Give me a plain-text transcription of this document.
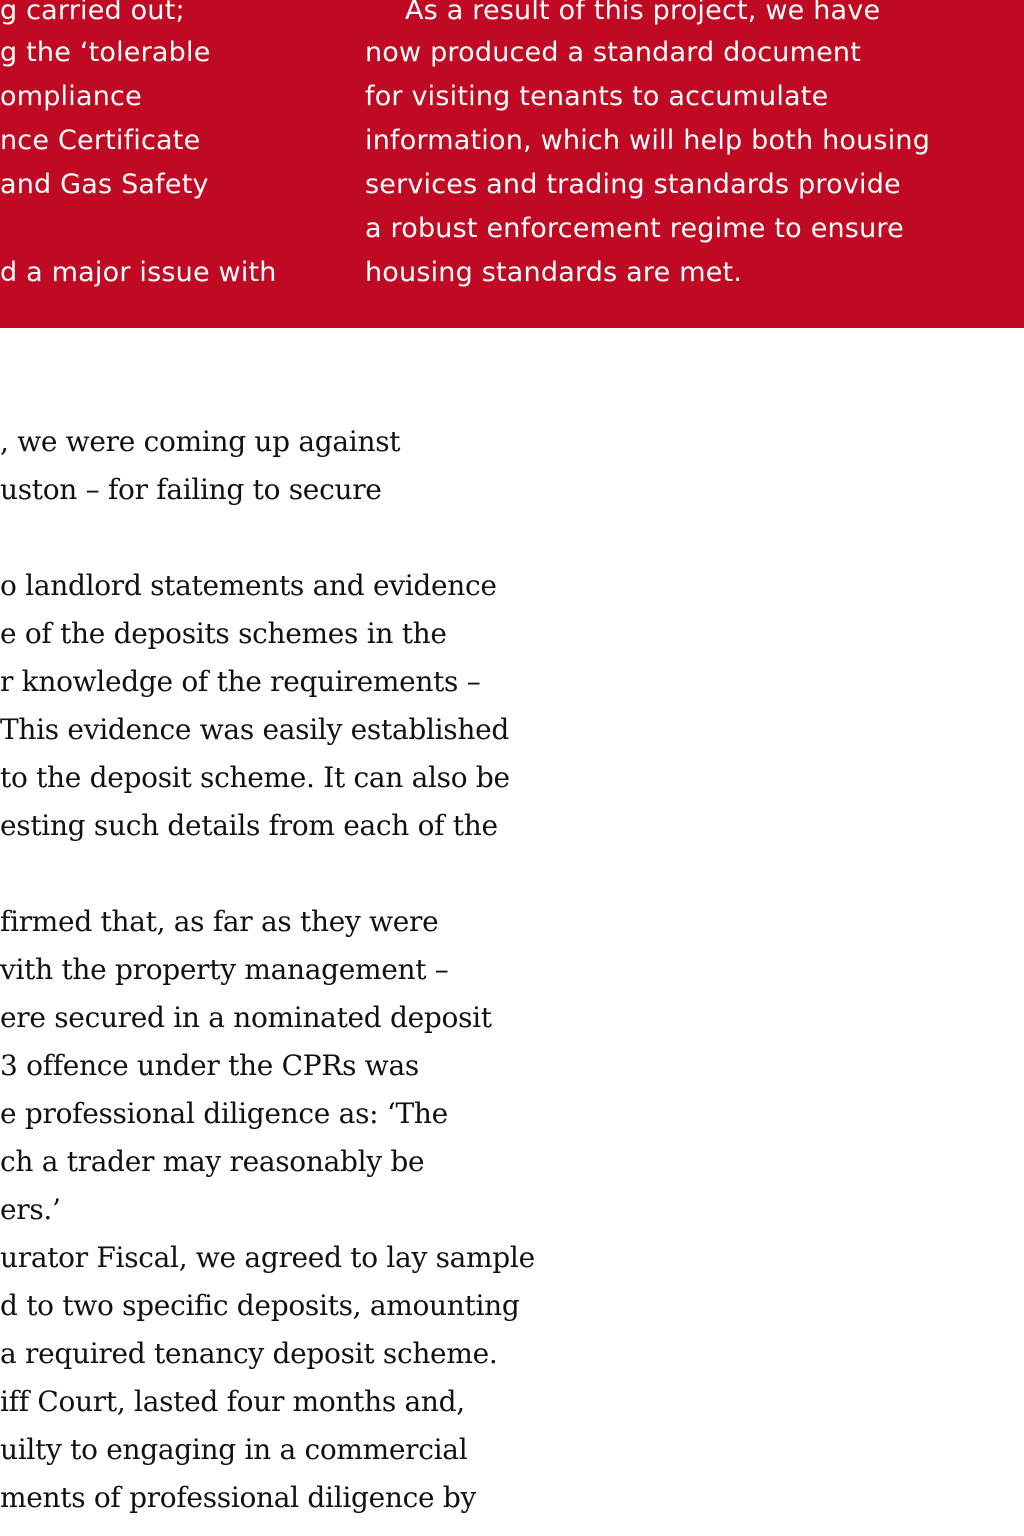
g carried out;
g the ‘tolerable
ompliance
nce Certificate
and Gas Safety
d a major issue with
As a result of this project, we have
now produced a standard document
for visiting tenants to accumulate
information, which will help both housing
services and trading standards provide
a robust enforcement regime to ensure
housing standards are met.
, we were coming up against
uston – for failing to secure
o landlord statements and evidence
e of the deposits schemes in the
r knowledge of the requirements –
This evidence was easily established
to the deposit scheme. It can also be
esting such details from each of the
firmed that, as far as they were
vith the property management –
ere secured in a nominated deposit
3 offence under the CPRs was
e professional diligence as: ‘The
ch a trader may reasonably be
ers.’
urator Fiscal, we agreed to lay sample
d to two specific deposits, amounting
a required tenancy deposit scheme.
iff Court, lasted four months and,
uilty to engaging in a commercial
ments of professional diligence by
